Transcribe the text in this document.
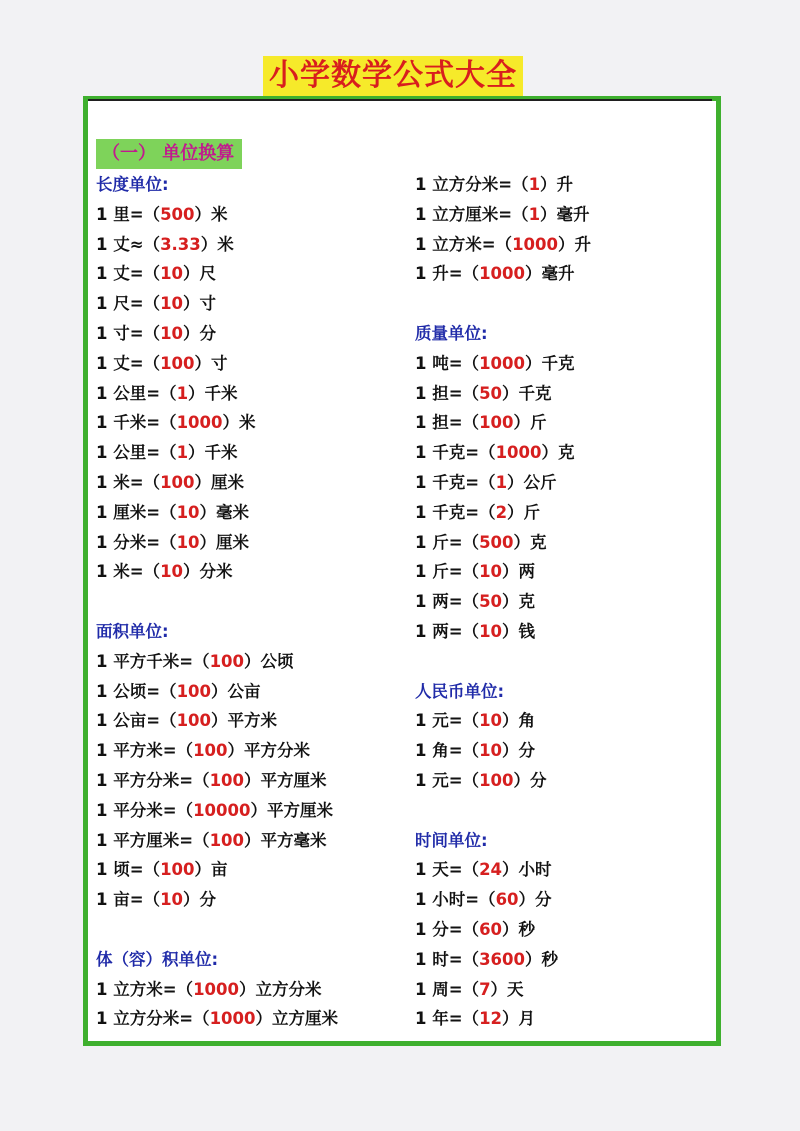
小学数学公式大全
（一） 单位换算
长度单位:
1 里=（500）米
1 丈≈（3.33）米
1 丈=（10）尺
1 尺=（10）寸
1 寸=（10）分
1 丈=（100）寸
1 公里=（1）千米
1 千米=（1000）米
1 公里=（1）千米
1 米=（100）厘米
1 厘米=（10）毫米
1 分米=（10）厘米
1 米=（10）分米
面积单位:
1 平方千米=（100）公顷
1 公顷=（100）公亩
1 公亩=（100）平方米
1 平方米=（100）平方分米
1 平方分米=（100）平方厘米
1 平分米=（10000）平方厘米
1 平方厘米=（100）平方毫米
1 顷=（100）亩
1 亩=（10）分
体（容）积单位:
1 立方米=（1000）立方分米
1 立方分米=（1000）立方厘米
1 立方分米=（1）升
1 立方厘米=（1）毫升
1 立方米=（1000）升
1 升=（1000）毫升
质量单位:
1 吨=（1000）千克
1 担=（50）千克
1 担=（100）斤
1 千克=（1000）克
1 千克=（1）公斤
1 千克=（2）斤
1 斤=（500）克
1 斤=（10）两
1 两=（50）克
1 两=（10）钱
人民币单位:
1 元=（10）角
1 角=（10）分
1 元=（100）分
时间单位:
1 天=（24）小时
1 小时=（60）分
1 分=（60）秒
1 时=（3600）秒
1 周=（7）天
1 年=（12）月
